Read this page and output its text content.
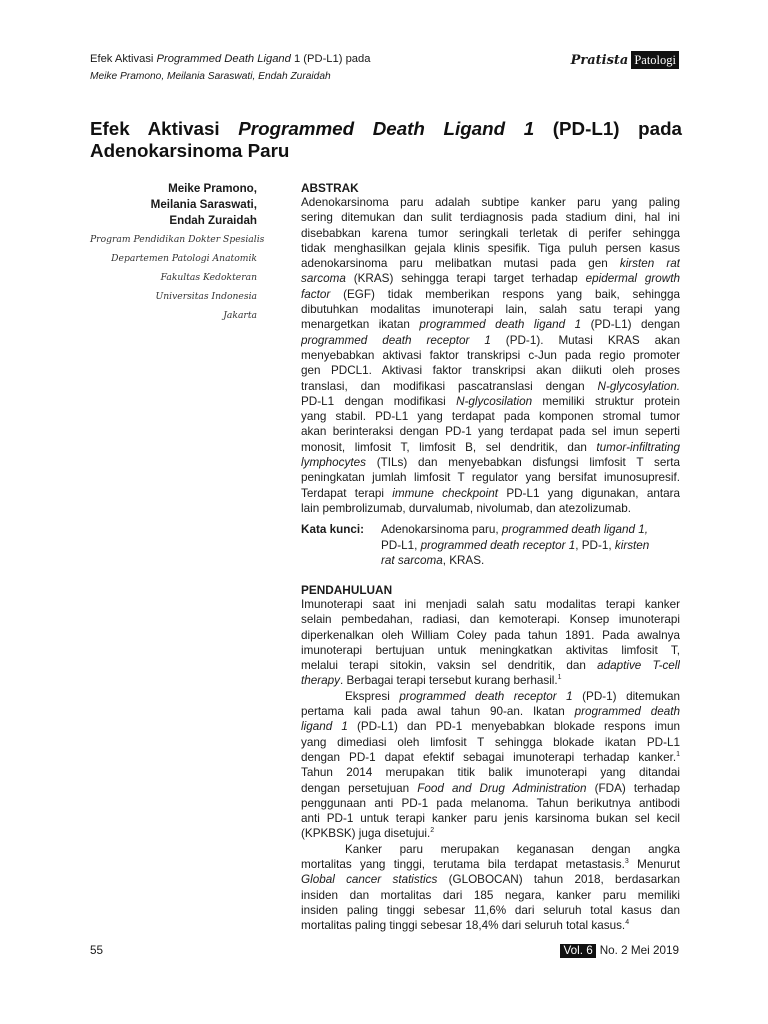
Efek Aktivasi Programmed Death Ligand 1 (PD-L1) pada
Meike Pramono, Meilania Saraswati, Endah Zuraidah
Pratista Patologi
Efek Aktivasi Programmed Death Ligand 1 (PD-L1) pada
Adenokarsinoma Paru
Meike Pramono,
Meilania Saraswati,
Endah Zuraidah
Program Pendidikan Dokter Spesialis
Departemen Patologi Anatomik
Fakultas Kedokteran
Universitas Indonesia
Jakarta
ABSTRAK
Adenokarsinoma paru adalah subtipe kanker paru yang paling
sering ditemukan dan sulit terdiagnosis pada stadium dini, hal ini
disebabkan karena tumor seringkali terletak di perifer sehingga
tidak menghasilkan gejala klinis spesifik. Tiga puluh persen kasus
adenokarsinoma paru melibatkan mutasi pada gen kirsten rat
sarcoma (KRAS) sehingga terapi target terhadap epidermal growth
factor (EGF) tidak memberikan respons yang baik, sehingga
dibutuhkan modalitas imunoterapi lain, salah satu terapi yang
menargetkan ikatan programmed death ligand 1 (PD-L1) dengan
programmed death receptor 1 (PD-1). Mutasi KRAS akan
menyebabkan aktivasi faktor transkripsi c-Jun pada regio promoter
gen PDCL1. Aktivasi faktor transkripsi akan diikuti oleh proses
translasi, dan modifikasi pascatranslasi dengan N-glycosylation.
PD-L1 dengan modifikasi N-glycosilation memiliki struktur protein
yang stabil. PD-L1 yang terdapat pada komponen stromal tumor
akan berinteraksi dengan PD-1 yang terdapat pada sel imun seperti
monosit, limfosit T, limfosit B, sel dendritik, dan tumor-infiltrating
lymphocytes (TILs) dan menyebabkan disfungsi limfosit T serta
peningkatan jumlah limfosit T regulator yang bersifat imunosupresif.
Terdapat terapi immune checkpoint PD-L1 yang digunakan, antara
lain pembrolizumab, durvalumab, nivolumab, dan atezolizumab.
Kata kunci: Adenokarsinoma paru, programmed death ligand 1,
PD-L1, programmed death receptor 1, PD-1, kirsten
rat sarcoma, KRAS.
PENDAHULUAN
Imunoterapi saat ini menjadi salah satu modalitas terapi kanker
selain pembedahan, radiasi, dan kemoterapi. Konsep imunoterapi
diperkenalkan oleh William Coley pada tahun 1891. Pada awalnya
imunoterapi bertujuan untuk meningkatkan aktivitas limfosit T,
melalui terapi sitokin, vaksin sel dendritik, dan adaptive T-cell
therapy. Berbagai terapi tersebut kurang berhasil.$^1$
Ekspresi programmed death receptor 1 (PD-1) ditemukan
pertama kali pada awal tahun 90-an. Ikatan programmed death
ligand 1 (PD-L1) dan PD-1 menyebabkan blokade respons imun
yang dimediasi oleh limfosit T sehingga blokade ikatan PD-L1
dengan PD-1 dapat efektif sebagai imunoterapi terhadap kanker.$^1$
Tahun 2014 merupakan titik balik imunoterapi yang ditandai
dengan persetujuan Food and Drug Administration (FDA) terhadap
penggunaan anti PD-1 pada melanoma. Tahun berikutnya antibodi
anti PD-1 untuk terapi kanker paru jenis karsinoma bukan sel kecil
(KPKBSK) juga disetujui.$^2$
Kanker paru merupakan keganasan dengan angka
mortalitas yang tinggi, terutama bila terdapat metastasis.$^3$ Menurut
Global cancer statistics (GLOBOCAN) tahun 2018, berdasarkan
insiden dan mortalitas dari 185 negara, kanker paru memiliki
insiden paling tinggi sebesar 11,6% dari seluruh total kasus dan
mortalitas paling tinggi sebesar 18,4% dari seluruh total kasus.$^4$
55	Vol. 6 No. 2 Mei 2019
